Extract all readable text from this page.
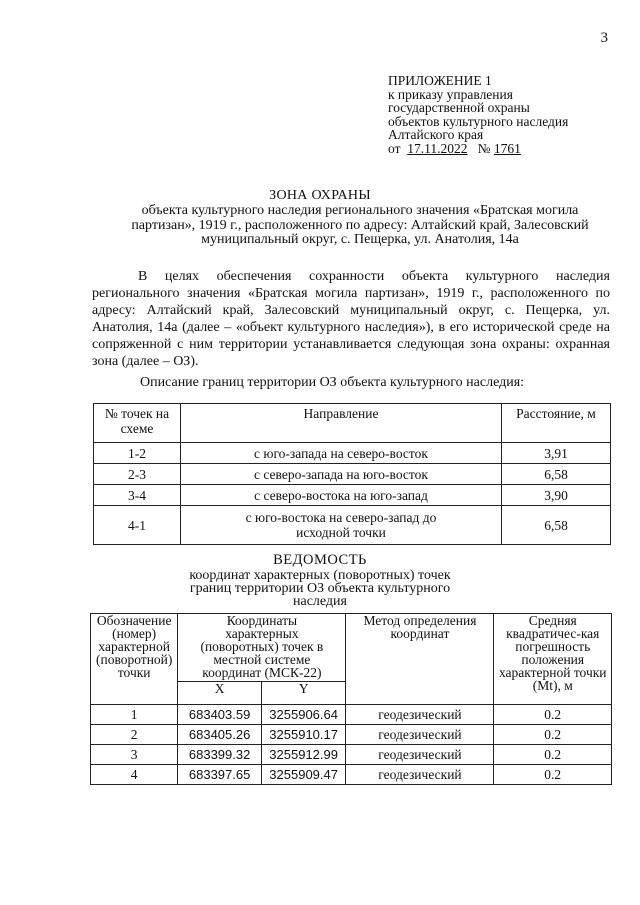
3
ПРИЛОЖЕНИЕ 1
к приказу управления
государственной охраны
объектов культурного наследия
Алтайского края
от 17.11.2022 № 1761
ЗОНА ОХРАНЫ
объекта культурного наследия регионального значения «Братская могила партизан», 1919 г., расположенного по адресу: Алтайский край, Залесовский муниципальный округ, с. Пещерка, ул. Анатолия, 14а

В целях обеспечения сохранности объекта культурного наследия регионального значения «Братская могила партизан», 1919 г., расположенного по адресу: Алтайский край, Залесовский муниципальный округ, с. Пещерка, ул. Анатолия, 14а (далее – «объект культурного наследия»), в его исторической среде на сопряженной с ним территории устанавливается следующая зона охраны: охранная зона (далее – ОЗ).

Описание границ территории ОЗ объекта культурного наследия:
№ точек на схеме	Направление	Расстояние, м
1-2	с юго-запада на северо-восток	3,91
2-3	с северо-запада на юго-восток	6,58
3-4	с северо-востока на юго-запад	3,90
4-1	с юго-востока на северо-запад до исходной точки	6,58
ВЕДОМОСТЬ
координат характерных (поворотных) точек границ территории ОЗ объекта культурного наследия
Обозначение (номер) характерной (поворотной) точки	Координаты характерных (поворотных) точек в местной системе координат (МСК-22)		Метод определения координат	Средняя квадратичес-кая погрешность положения характерной точки (Mt), м
	X	Y		
1	683403.59	3255906.64	геодезический	0.2
2	683405.26	3255910.17	геодезический	0.2
3	683399.32	3255912.99	геодезический	0.2
4	683397.65	3255909.47	геодезический	0.2
